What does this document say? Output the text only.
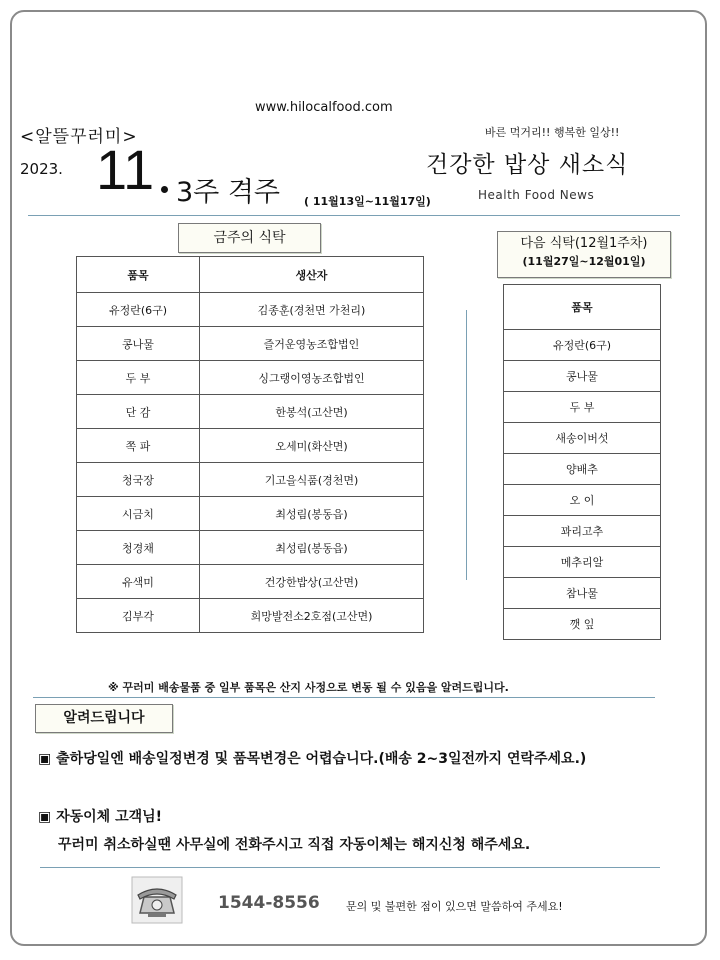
www.hilocalfood.com
<알뜰꾸러미>
2023. 11 3주 격주 ( 11월13일~11월17일)
바른 먹거리!! 행복한 일상!!
건강한 밥상 새소식
Health Food News
금주의 식탁
품목	생산자
유정란(6구)	김종훈(경천면 가천리)
콩나물	즐거운영농조합법인
두 부	싱그랭이영농조합법인
단 감	한봉석(고산면)
쪽 파	오세미(화산면)
청국장	기고을식품(경천면)
시금치	최성림(봉동읍)
청경채	최성림(봉동읍)
유색미	건강한밥상(고산면)
김부각	희망발전소2호점(고산면)
다음 식탁(12월1주차)
(11월27일~12월01일)
품목
유정란(6구)
콩나물
두 부
새송이버섯
양배추
오 이
꽈리고추
메추리알
참나물
깻 잎
※ 꾸러미 배송물품 중 일부 품목은 산지 사정으로 변동 될 수 있음을 알려드립니다.
알려드립니다
▣ 출하당일엔 배송일정변경 및 품목변경은 어렵습니다.(배송 2~3일전까지 연락주세요.)
▣ 자동이체 고객님!
꾸러미 취소하실땐 사무실에 전화주시고 직접 자동이체는 해지신청 해주세요.
1544-8556 문의 및 불편한 점이 있으면 말씀하여 주세요!
